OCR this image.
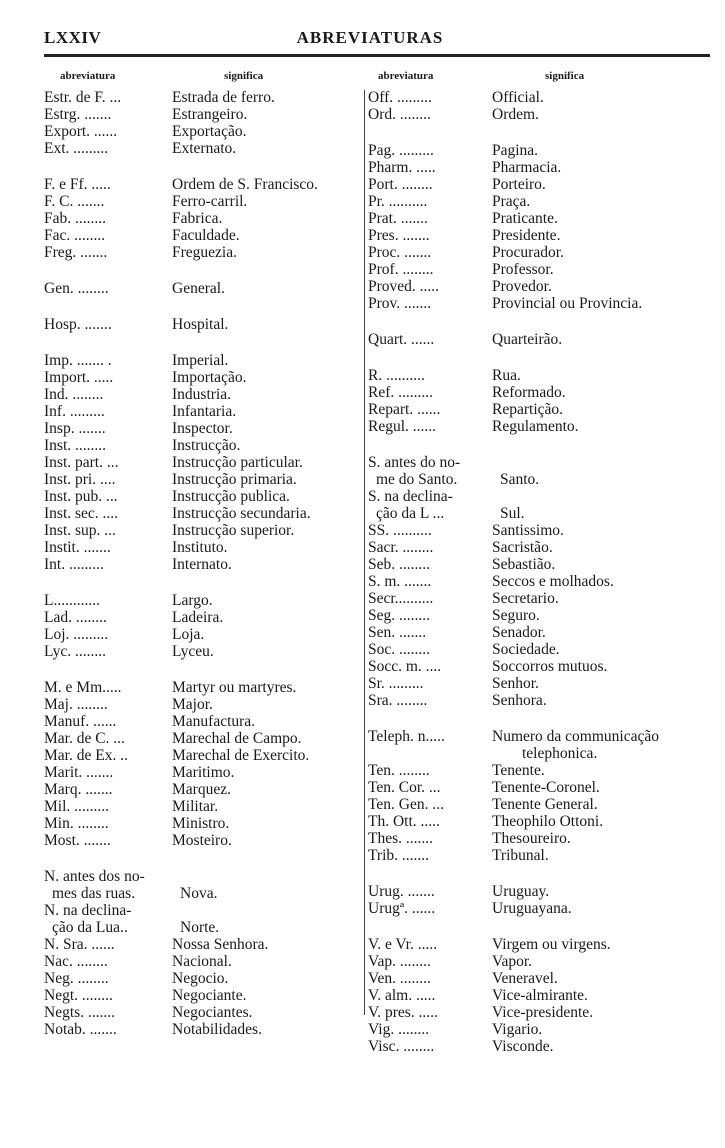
LXXIV	ABREVIATURAS
abreviatura	significa	abreviatura	significa
Estr. de F. ...	Estrada de ferro.
Estrg. .......	Estrangeiro.
Export. ......	Exportação.
Ext. .........	Externato.
F. e Ff. .....	Ordem de S. Francisco.
F. C. .......	Ferro-carril.
Fab. ........	Fabrica.
Fac. ........	Faculdade.
Freg. .......	Freguezia.
Gen. ........	General.
Hosp. .......	Hospital.
Imp. ....... .	Imperial.
Import. .....	Importação.
Ind. ........	Industria.
Inf. .........	Infantaria.
Insp. .......	Inspector.
Inst. ........	Instrucção.
Inst. part. ...	Instrucção particular.
Inst. pri. ....	Instrucção primaria.
Inst. pub. ...	Instrucção publica.
Inst. sec. ....	Instrucção secundaria.
Inst. sup. ...	Instrucção superior.
Instit. .......	Instituto.
Int. .........	Internato.
L............	Largo.
Lad. ........	Ladeira.
Loj. .........	Loja.
Lyc. ........	Lyceu.
M. e Mm.....	Martyr ou martyres.
Maj. ........	Major.
Manuf. ......	Manufactura.
Mar. de C. ...	Marechal de Campo.
Mar. de Ex. ..	Marechal de Exercito.
Marit. .......	Maritimo.
Marq. .......	Marquez.
Mil. .........	Militar.
Min. ........	Ministro.
Most. .......	Mosteiro.
N. antes dos no-
mes das ruas.	Nova.
N. na declina-
ção da Lua..	Norte.
N. Sra. ......	Nossa Senhora.
Nac. ........	Nacional.
Neg. ........	Negocio.
Negt. ........	Negociante.
Negts. .......	Negociantes.
Notab. .......	Notabilidades.
Off. .........	Official.
Ord. ........	Ordem.
Pag. .........	Pagina.
Pharm. .....	Pharmacia.
Port. ........	Porteiro.
Pr. ..........	Praça.
Prat. .......	Praticante.
Pres. .......	Presidente.
Proc. .......	Procurador.
Prof. ........	Professor.
Proved. .....	Provedor.
Prov. .......	Provincial ou Provincia.
Quart. ......	Quarteirão.
R. ..........	Rua.
Ref. .........	Reformado.
Repart. ......	Repartição.
Regul. ......	Regulamento.
S. antes do no-
me do Santo.	Santo.
S. na declina-
ção da L ...	Sul.
SS. ..........	Santissimo.
Sacr. ........	Sacristão.
Seb. ........	Sebastião.
S. m. .......	Seccos e molhados.
Secr..........	Secretario.
Seg. ........	Seguro.
Sen. .......	Senador.
Soc. ........	Sociedade.
Socc. m. ....	Soccorros mutuos.
Sr. .........	Senhor.
Sra. ........	Senhora.
Teleph. n.....	Numero da communicação
telephonica.
Ten. ........	Tenente.
Ten. Cor. ...	Tenente-Coronel.
Ten. Gen. ...	Tenente General.
Th. Ott. .....	Theophilo Ottoni.
Thes. .......	Thesoureiro.
Trib. .......	Tribunal.
Urug. .......	Uruguay.
Urugª. ......	Uruguayana.
V. e Vr. .....	Virgem ou virgens.
Vap. ........	Vapor.
Ven. ........	Veneravel.
V. alm. .....	Vice-almirante.
V. pres. .....	Vice-presidente.
Vig. ........	Vigario.
Visc. ........	Visconde.
